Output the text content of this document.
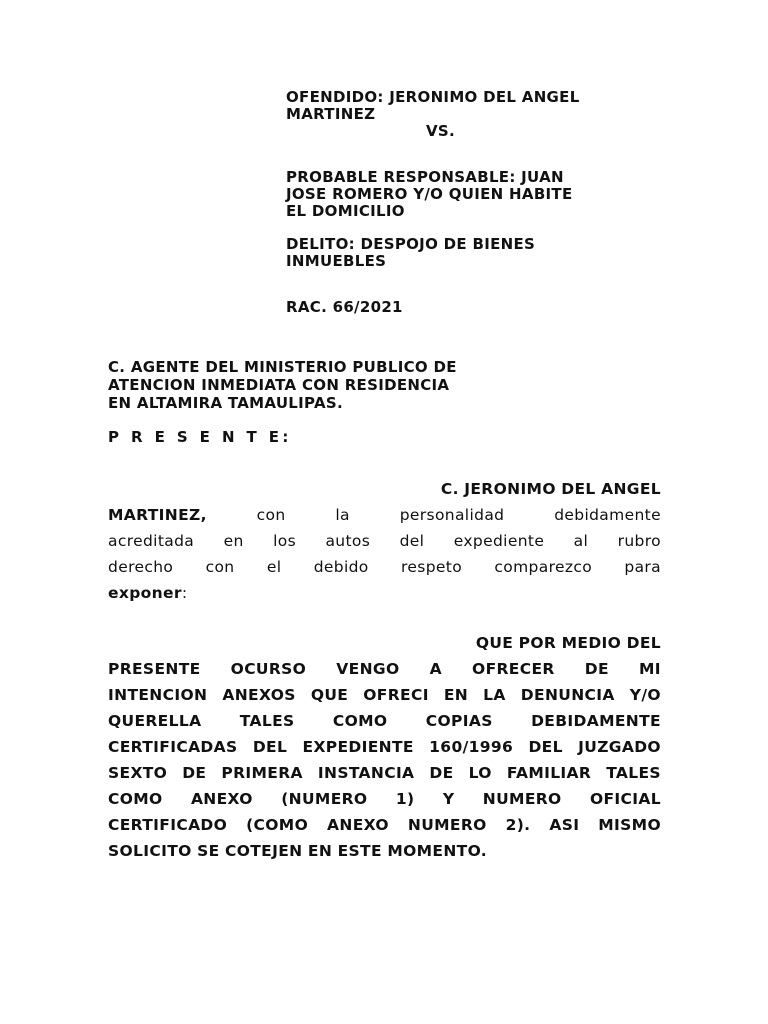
OFENDIDO: JERONIMO DEL ANGEL
MARTINEZ
VS.
PROBABLE RESPONSABLE: JUAN
JOSE ROMERO Y/O QUIEN HABITE
EL DOMICILIO
DELITO: DESPOJO DE BIENES
INMUEBLES
RAC. 66/2021
C. AGENTE DEL MINISTERIO PUBLICO DE
ATENCION INMEDIATA CON RESIDENCIA
EN ALTAMIRA TAMAULIPAS.
P R E S E N T E:
C. JERONIMO DEL ANGEL
MARTINEZ,	con	la	personalidad	debidamente
acreditada en los autos del expediente al rubro
derecho con el debido respeto comparezco para
exponer:
QUE POR MEDIO DEL
PRESENTE OCURSO VENGO A OFRECER DE MI
INTENCION ANEXOS QUE OFRECI EN LA DENUNCIA Y/O
QUERELLA TALES COMO COPIAS DEBIDAMENTE
CERTIFICADAS DEL EXPEDIENTE 160/1996 DEL JUZGADO
SEXTO DE PRIMERA INSTANCIA DE LO FAMILIAR TALES
COMO ANEXO (NUMERO 1) Y NUMERO OFICIAL
CERTIFICADO (COMO ANEXO NUMERO 2). ASI MISMO
SOLICITO SE COTEJEN EN ESTE MOMENTO.
